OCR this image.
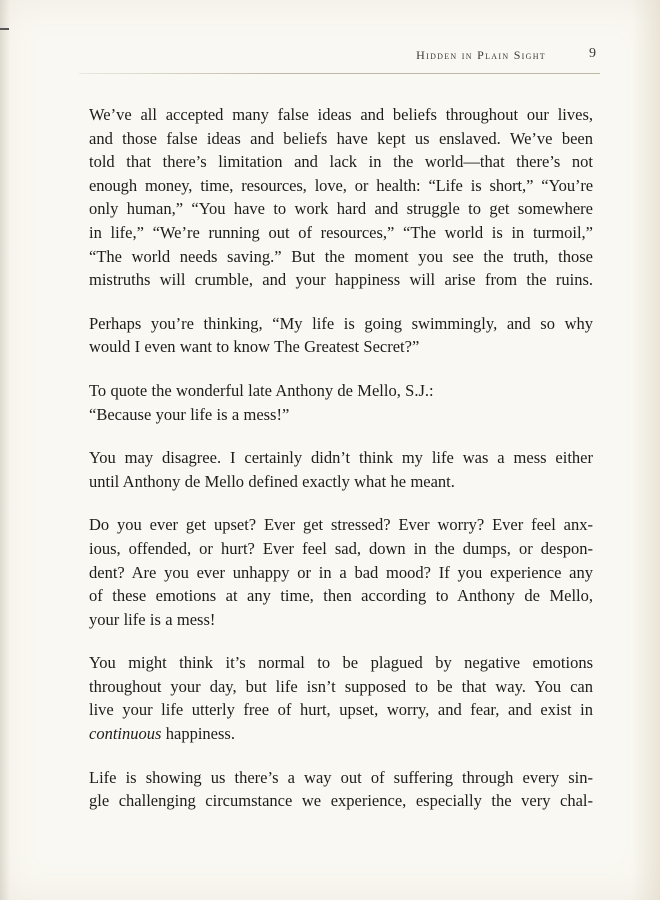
Hidden in Plain Sight	9

We’ve all accepted many false ideas and beliefs throughout our lives,
and those false ideas and beliefs have kept us enslaved. We’ve been
told that there’s limitation and lack in the world—that there’s not
enough money, time, resources, love, or health: “Life is short,” “You’re
only human,” “You have to work hard and struggle to get somewhere
in life,” “We’re running out of resources,” “The world is in turmoil,”
“The world needs saving.” But the moment you see the truth, those
mistruths will crumble, and your happiness will arise from the ruins.

Perhaps you’re thinking, “My life is going swimmingly, and so why
would I even want to know The Greatest Secret?”

To quote the wonderful late Anthony de Mello, S.J.:
“Because your life is a mess!”

You may disagree. I certainly didn’t think my life was a mess either
until Anthony de Mello defined exactly what he meant.

Do you ever get upset? Ever get stressed? Ever worry? Ever feel anx-
ious, offended, or hurt? Ever feel sad, down in the dumps, or despon-
dent? Are you ever unhappy or in a bad mood? If you experience any
of these emotions at any time, then according to Anthony de Mello,
your life is a mess!

You might think it’s normal to be plagued by negative emotions
throughout your day, but life isn’t supposed to be that way. You can
live your life utterly free of hurt, upset, worry, and fear, and exist in
continuous happiness.

Life is showing us there’s a way out of suffering through every sin-
gle challenging circumstance we experience, especially the very chal-
